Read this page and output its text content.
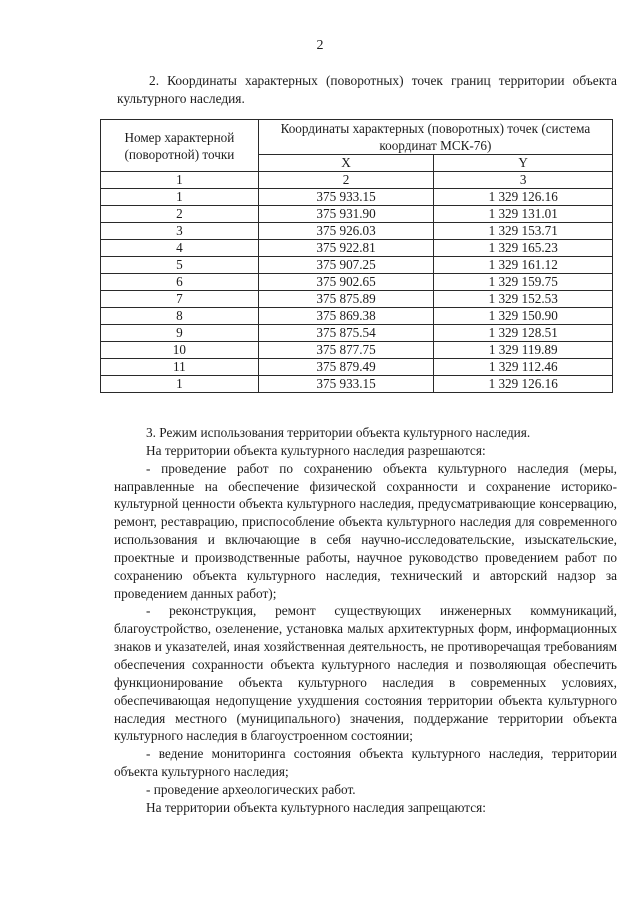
2
2. Координаты характерных (поворотных) точек границ территории объекта культурного наследия.
Номер характерной (поворотной) точки	Координаты характерных (поворотных) точек (система координат МСК-76)	
	X	Y
1	2	3
1	375 933.15	1 329 126.16
2	375 931.90	1 329 131.01
3	375 926.03	1 329 153.71
4	375 922.81	1 329 165.23
5	375 907.25	1 329 161.12
6	375 902.65	1 329 159.75
7	375 875.89	1 329 152.53
8	375 869.38	1 329 150.90
9	375 875.54	1 329 128.51
10	375 877.75	1 329 119.89
11	375 879.49	1 329 112.46
1	375 933.15	1 329 126.16

3. Режим использования территории объекта культурного наследия.

На территории объекта культурного наследия разрешаются:

- проведение работ по сохранению объекта культурного наследия (меры, направленные на обеспечение физической сохранности и сохранение историко-культурной ценности объекта культурного наследия, предусматривающие консервацию, ремонт, реставрацию, приспособление объекта культурного наследия для современного использования и включающие в себя научно-исследовательские, изыскательские, проектные и производственные работы, научное руководство проведением работ по сохранению объекта культурного наследия, технический и авторский надзор за проведением данных работ);

- реконструкция, ремонт существующих инженерных коммуникаций, благоустройство, озеленение, установка малых архитектурных форм, информационных знаков и указателей, иная хозяйственная деятельность, не противоречащая требованиям обеспечения сохранности объекта культурного наследия и позволяющая обеспечить функционирование объекта культурного наследия в современных условиях, обеспечивающая недопущение ухудшения состояния территории объекта культурного наследия местного (муниципального) значения, поддержание территории объекта культурного наследия в благоустроенном состоянии;

- ведение мониторинга состояния объекта культурного наследия, территории объекта культурного наследия;

- проведение археологических работ.

На территории объекта культурного наследия запрещаются:
